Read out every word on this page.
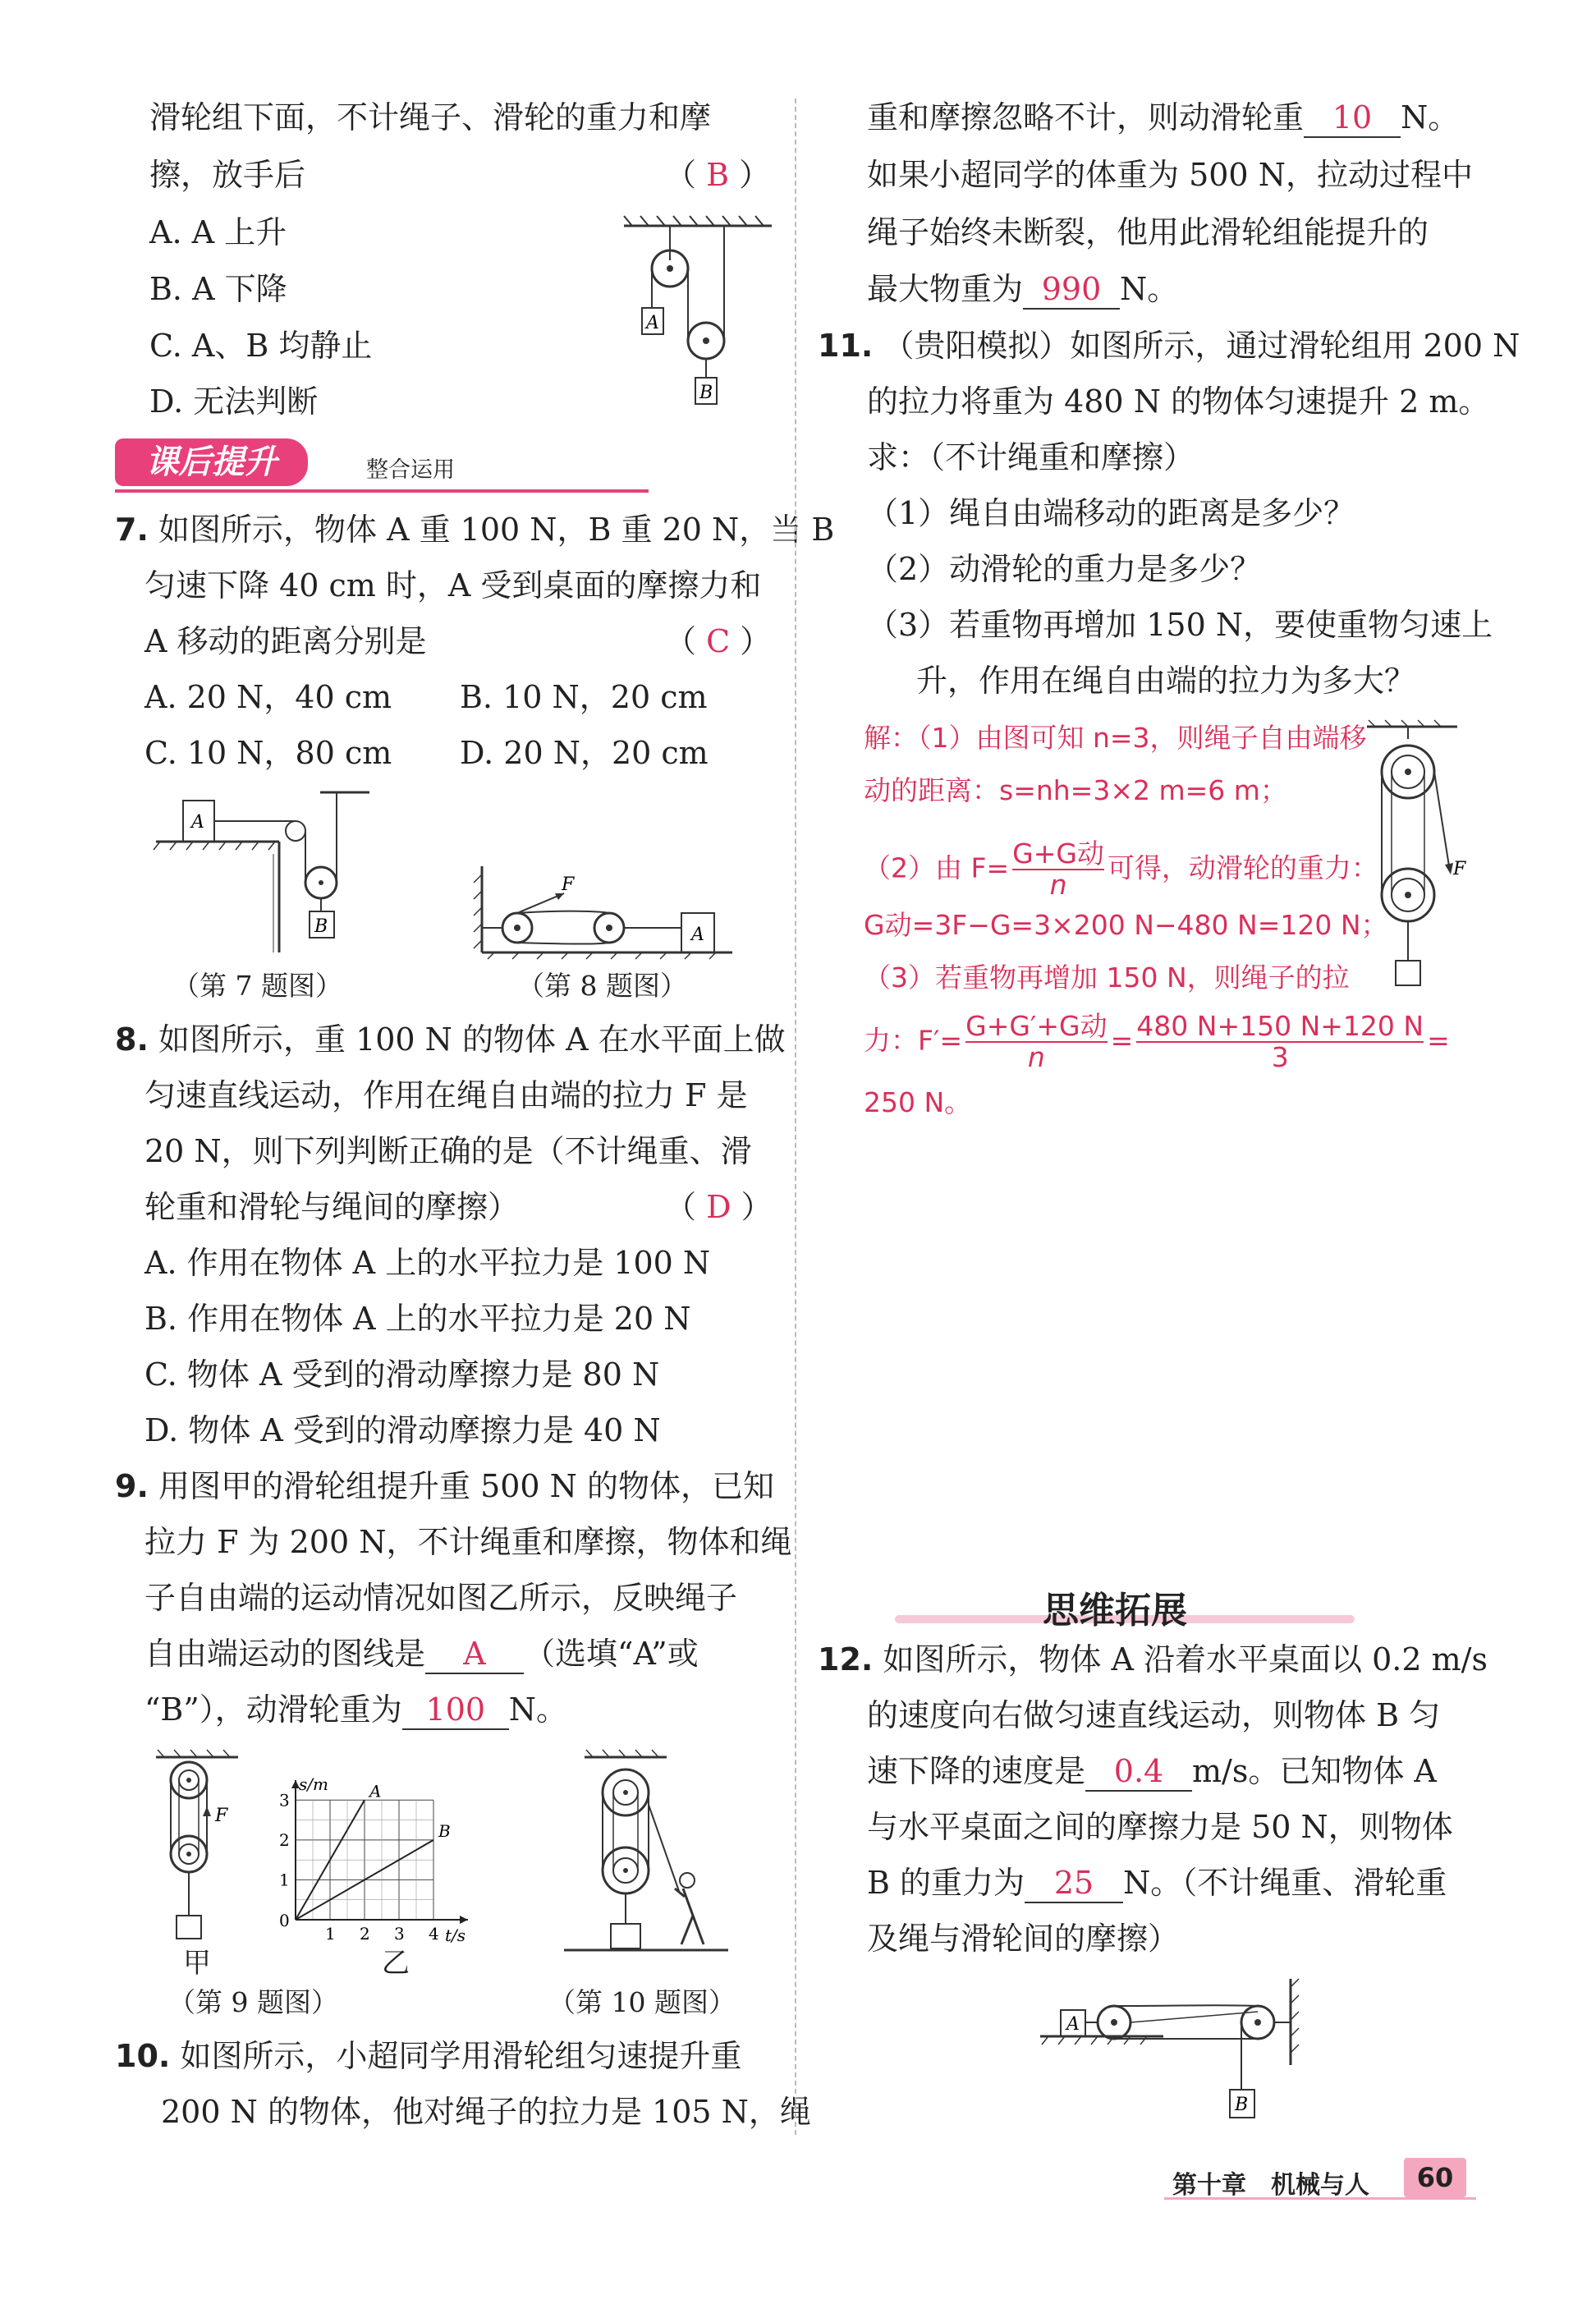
滑轮组下面，不计绳子、滑轮的重力和摩
擦，放手后	（ B ）
A. A 上升
B. A 下降
C. A、B 均静止
D. 无法判断
A
B
课后提升	整合运用
7. 如图所示，物体 A 重 100 N，B 重 20 N，当 B
匀速下降 40 cm 时，A 受到桌面的摩擦力和
A 移动的距离分别是	（ C ）
A. 20 N，40 cm B. 10 N，20 cm
C. 10 N，80 cm D. 20 N，20 cm
A
B
（第 7 题图）
F
A
（第 8 题图）
8. 如图所示，重 100 N 的物体 A 在水平面上做
匀速直线运动，作用在绳自由端的拉力 F 是
20 N，则下列判断正确的是（不计绳重、滑
轮重和滑轮与绳间的摩擦）	（ D ）
A. 作用在物体 A 上的水平拉力是 100 N
B. 作用在物体 A 上的水平拉力是 20 N
C. 物体 A 受到的滑动摩擦力是 80 N
D. 物体 A 受到的滑动摩擦力是 40 N
9. 用图甲的滑轮组提升重 500 N 的物体，已知
拉力 F 为 200 N，不计绳重和摩擦，物体和绳
子自由端的运动情况如图乙所示，反映绳子
自由端运动的图线是 A （选填“A”或
“B”），动滑轮重为 100 N。
F
甲
1 2 3 4
1
2
3
0
s/m
t/s
A
B
乙
（第 9 题图）	（第 10 题图）
10. 如图所示，小超同学用滑轮组匀速提升重
200 N 的物体，他对绳子的拉力是 105 N，绳
重和摩擦忽略不计，则动滑轮重 10 N。
如果小超同学的体重为 500 N，拉动过程中
绳子始终未断裂，他用此滑轮组能提升的
最大物重为 990 N。
11. （贵阳模拟）如图所示，通过滑轮组用 200 N
的拉力将重为 480 N 的物体匀速提升 2 m。
求：（不计绳重和摩擦）
（1）绳自由端移动的距离是多少？
（2）动滑轮的重力是多少？
（3）若重物再增加 150 N，要使重物匀速上
升，作用在绳自由端的拉力为多大？
解：（1）由图可知 n=3，则绳子自由端移
动的距离：s=nh=3×2 m=6 m；
（2）由 F= G+G动
n
可得，动滑轮的重力：
G动=3F−G=3×200 N−480 N=120 N；
（3）若重物再增加 150 N，则绳子的拉
力：F′= G+G′+G动
n
= $\frac{480 N+150 N+120 N}{3}$ =
250 N。
F
思维拓展
12. 如图所示，物体 A 沿着水平桌面以 0.2 m/s
的速度向右做匀速直线运动，则物体 B 匀
速下降的速度是 0.4 m/s。已知物体 A
与水平桌面之间的摩擦力是 50 N，则物体
B 的重力为 25 N。（不计绳重、滑轮重
及绳与滑轮间的摩擦）
A
B
第十章　机械与人	60
